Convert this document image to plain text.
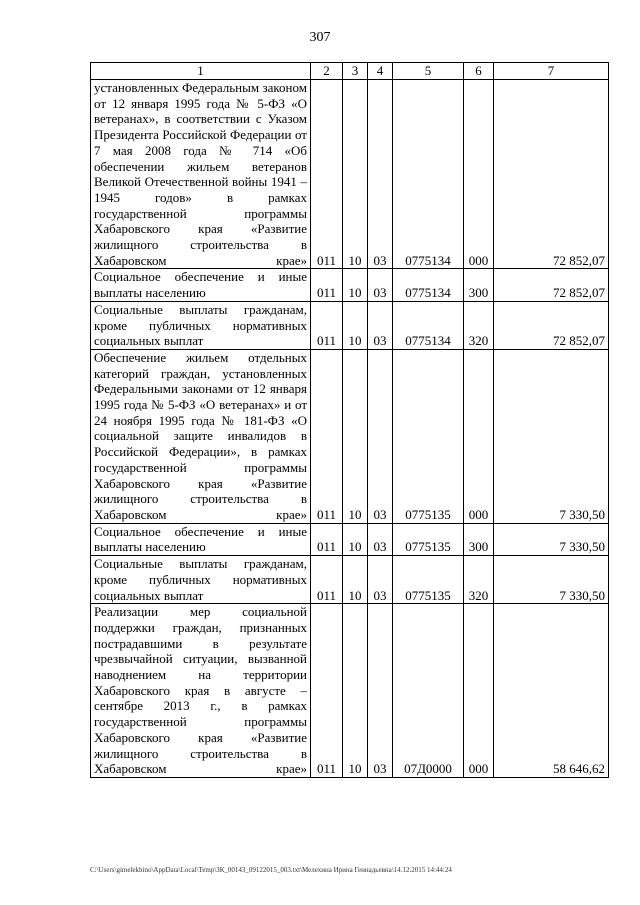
307
1	2	3	4	5	6	7
установленных Федеральным законом от 12 января 1995 года № 5-ФЗ «О ветеранах», в соответствии с Указом Президента Российской Федерации от 7 мая 2008 года № 714 «Об обеспечении жильем ветеранов Великой Отечественной войны 1941 – 1945 годов» в рамках государственной программы Хабаровского края «Развитие жилищного строительства в Хабаровском крае»	011	10	03	0775134	000	72 852,07
Социальное обеспечение и иные выплаты населению	011	10	03	0775134	300	72 852,07
Социальные выплаты гражданам, кроме публичных нормативных социальных выплат	011	10	03	0775134	320	72 852,07
Обеспечение жильем отдельных категорий граждан, установленных Федеральными законами от 12 января 1995 года № 5-ФЗ «О ветеранах» и от 24 ноября 1995 года № 181-ФЗ «О социальной защите инвалидов в Российской Федерации», в рамках государственной программы Хабаровского края «Развитие жилищного строительства в Хабаровском крае»	011	10	03	0775135	000	7 330,50
Социальное обеспечение и иные выплаты населению	011	10	03	0775135	300	7 330,50
Социальные выплаты гражданам, кроме публичных нормативных социальных выплат	011	10	03	0775135	320	7 330,50
Реализации мер социальной поддержки граждан, признанных пострадавшими в результате чрезвычайной ситуации, вызванной наводнением на территории Хабаровского края в августе – сентябре 2013 г., в рамках государственной программы Хабаровского края «Развитие жилищного строительства в Хабаровском крае»	011	10	03	07Д0000	000	58 646,62
C:\Users\gimelekhino\AppData\Local\Temp\ЗК_00143_09122015_003.txt\Мелехина Ирина Геннадьевна\14.12.2015 14:44:24
